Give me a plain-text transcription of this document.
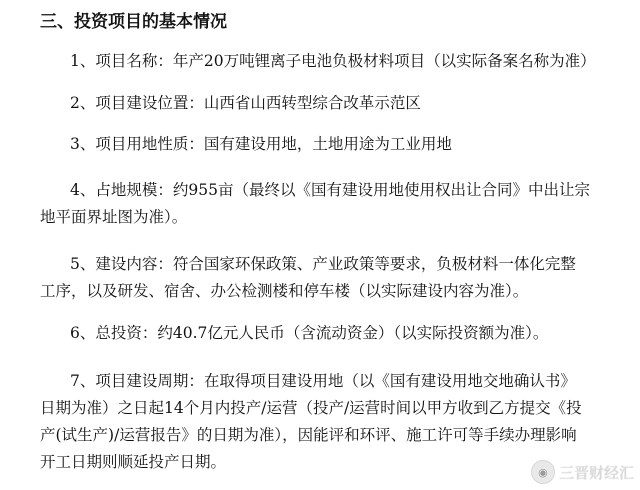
三、投资项目的基本情况
1、项目名称：年产20万吨锂离子电池负极材料项目（以实际备案名称为准）
2、项目建设位置：山西省山西转型综合改革示范区
3、项目用地性质：国有建设用地，土地用途为工业用地
4、占地规模：约955亩（最终以《国有建设用地使用权出让合同》中出让宗
地平面界址图为准）。
5、建设内容：符合国家环保政策、产业政策等要求，负极材料一体化完整
工序，以及研发、宿舍、办公检测楼和停车楼（以实际建设内容为准）。
6、总投资：约40.7亿元人民币（含流动资金）（以实际投资额为准）。
7、项目建设周期：在取得项目建设用地（以《国有建设用地交地确认书》
日期为准）之日起14个月内投产/运营（投产/运营时间以甲方收到乙方提交《投
产(试生产)/运营报告》的日期为准），因能评和环评、施工许可等手续办理影响
开工日期则顺延投产日期。
◉ 三晋财经汇
